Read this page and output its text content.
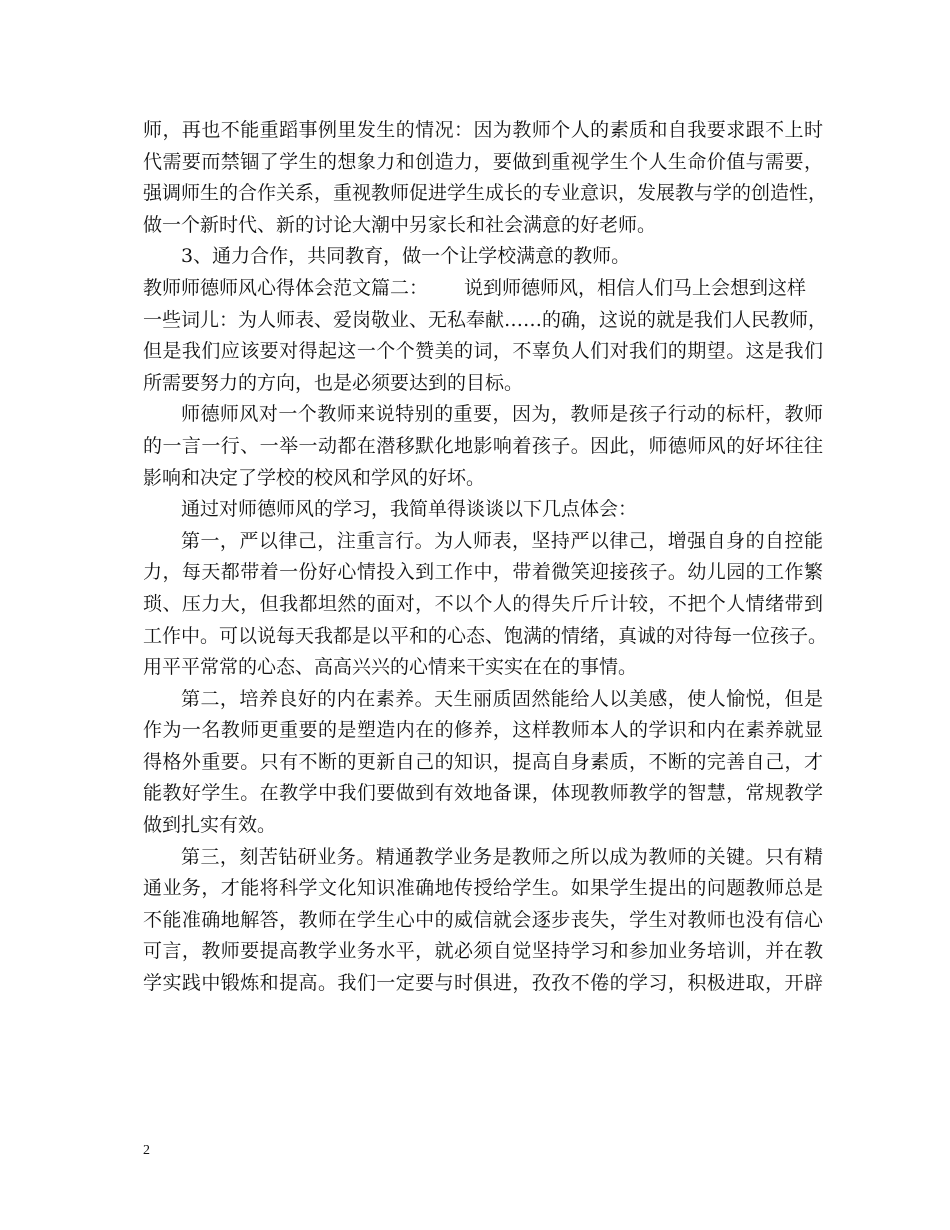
师，再也不能重蹈事例里发生的情况：因为教师个人的素质和自我要求跟不上时
代需要而禁锢了学生的想象力和创造力，要做到重视学生个人生命价值与需要，
强调师生的合作关系，重视教师促进学生成长的专业意识，发展教与学的创造性，
做一个新时代、新的讨论大潮中另家长和社会满意的好老师。
3、通力合作，共同教育，做一个让学校满意的教师。
教师师德师风心得体会范文篇二： 说到师德师风，相信人们马上会想到这样
一些词儿：为人师表、爱岗敬业、无私奉献……的确，这说的就是我们人民教师，
但是我们应该要对得起这一个个赞美的词，不辜负人们对我们的期望。这是我们
所需要努力的方向，也是必须要达到的目标。
师德师风对一个教师来说特别的重要，因为，教师是孩子行动的标杆，教师
的一言一行、一举一动都在潜移默化地影响着孩子。因此，师德师风的好坏往往
影响和决定了学校的校风和学风的好坏。
通过对师德师风的学习，我简单得谈谈以下几点体会：
第一，严以律己，注重言行。为人师表，坚持严以律己，增强自身的自控能
力，每天都带着一份好心情投入到工作中，带着微笑迎接孩子。幼儿园的工作繁
琐、压力大，但我都坦然的面对，不以个人的得失斤斤计较，不把个人情绪带到
工作中。可以说每天我都是以平和的心态、饱满的情绪，真诚的对待每一位孩子。
用平平常常的心态、高高兴兴的心情来干实实在在的事情。
第二，培养良好的内在素养。天生丽质固然能给人以美感，使人愉悦，但是
作为一名教师更重要的是塑造内在的修养，这样教师本人的学识和内在素养就显
得格外重要。只有不断的更新自己的知识，提高自身素质，不断的完善自己，才
能教好学生。在教学中我们要做到有效地备课，体现教师教学的智慧，常规教学
做到扎实有效。
第三，刻苦钻研业务。精通教学业务是教师之所以成为教师的关键。只有精
通业务，才能将科学文化知识准确地传授给学生。如果学生提出的问题教师总是
不能准确地解答，教师在学生心中的威信就会逐步丧失，学生对教师也没有信心
可言，教师要提高教学业务水平，就必须自觉坚持学习和参加业务培训，并在教
学实践中锻炼和提高。我们一定要与时俱进，孜孜不倦的学习，积极进取，开辟
2
